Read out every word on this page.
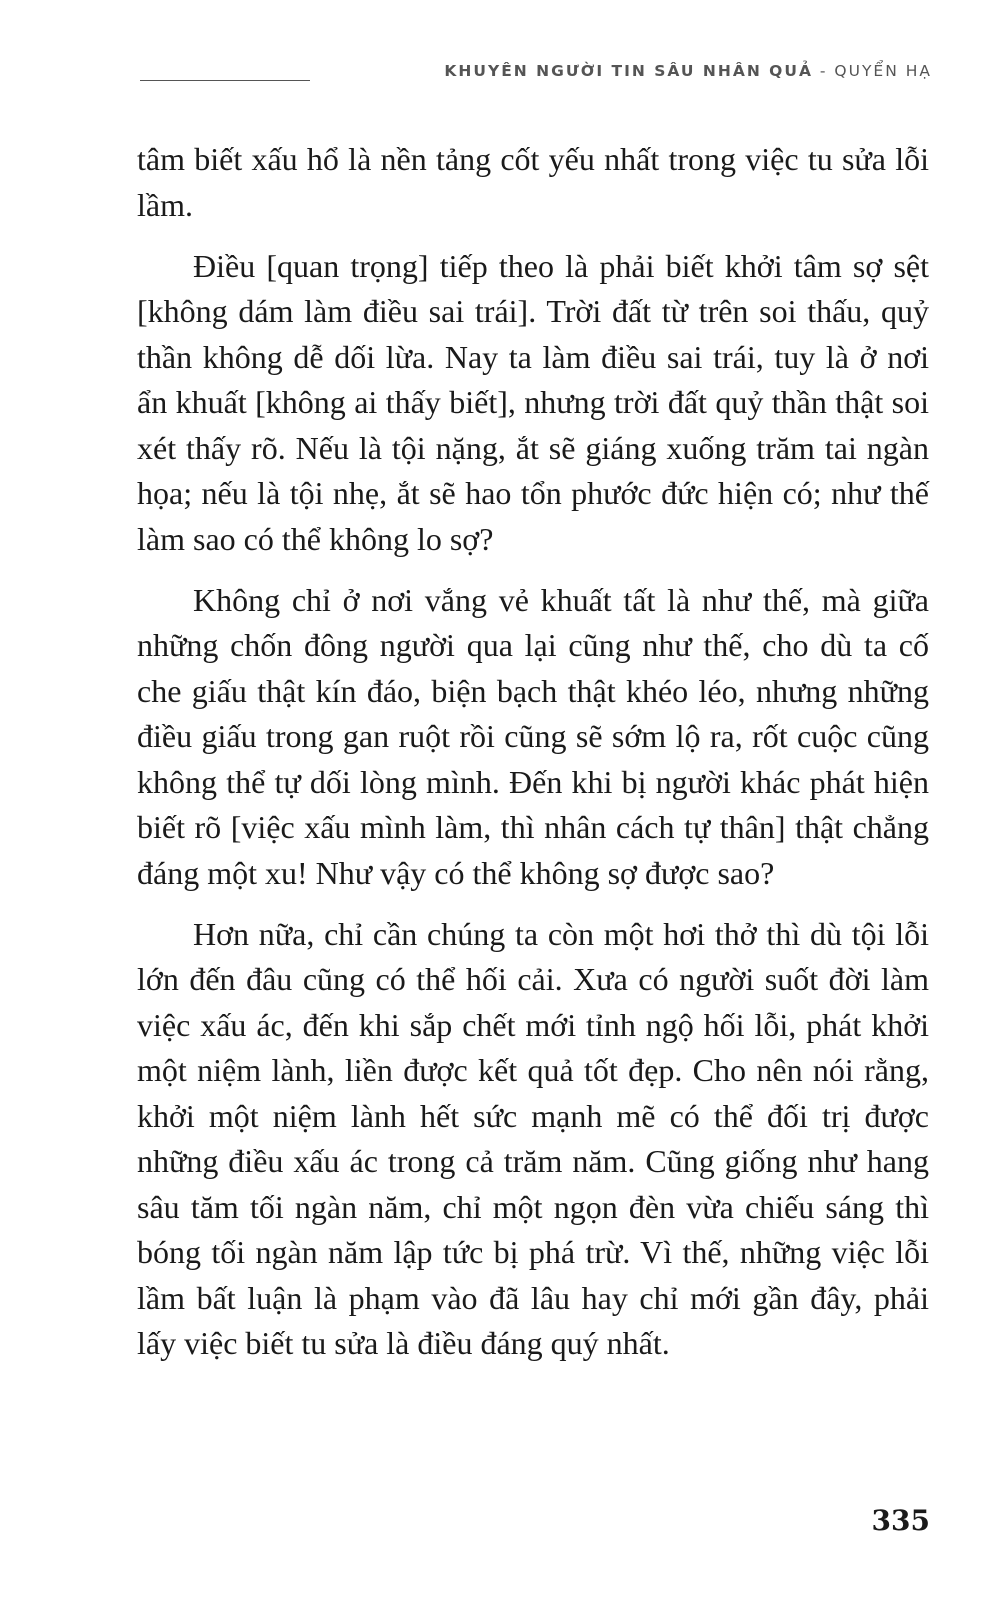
KHUYÊN NGƯỜI TIN SÂU NHÂN QUẢ - QUYỂN HẠ

tâm biết xấu hổ là nền tảng cốt yếu nhất trong việc tu sửa lỗi lầm.

Điều [quan trọng] tiếp theo là phải biết khởi tâm sợ sệt [không dám làm điều sai trái]. Trời đất từ trên soi thấu, quỷ thần không dễ dối lừa. Nay ta làm điều sai trái, tuy là ở nơi ẩn khuất [không ai thấy biết], nhưng trời đất quỷ thần thật soi xét thấy rõ. Nếu là tội nặng, ắt sẽ giáng xuống trăm tai ngàn họa; nếu là tội nhẹ, ắt sẽ hao tổn phước đức hiện có; như thế làm sao có thể không lo sợ?

Không chỉ ở nơi vắng vẻ khuất tất là như thế, mà giữa những chốn đông người qua lại cũng như thế, cho dù ta cố che giấu thật kín đáo, biện bạch thật khéo léo, nhưng những điều giấu trong gan ruột rồi cũng sẽ sớm lộ ra, rốt cuộc cũng không thể tự dối lòng mình. Đến khi bị người khác phát hiện biết rõ [việc xấu mình làm, thì nhân cách tự thân] thật chẳng đáng một xu! Như vậy có thể không sợ được sao?

Hơn nữa, chỉ cần chúng ta còn một hơi thở thì dù tội lỗi lớn đến đâu cũng có thể hối cải. Xưa có người suốt đời làm việc xấu ác, đến khi sắp chết mới tỉnh ngộ hối lỗi, phát khởi một niệm lành, liền được kết quả tốt đẹp. Cho nên nói rằng, khởi một niệm lành hết sức mạnh mẽ có thể đối trị được những điều xấu ác trong cả trăm năm. Cũng giống như hang sâu tăm tối ngàn năm, chỉ một ngọn đèn vừa chiếu sáng thì bóng tối ngàn năm lập tức bị phá trừ. Vì thế, những việc lỗi lầm bất luận là phạm vào đã lâu hay chỉ mới gần đây, phải lấy việc biết tu sửa là điều đáng quý nhất.

335
